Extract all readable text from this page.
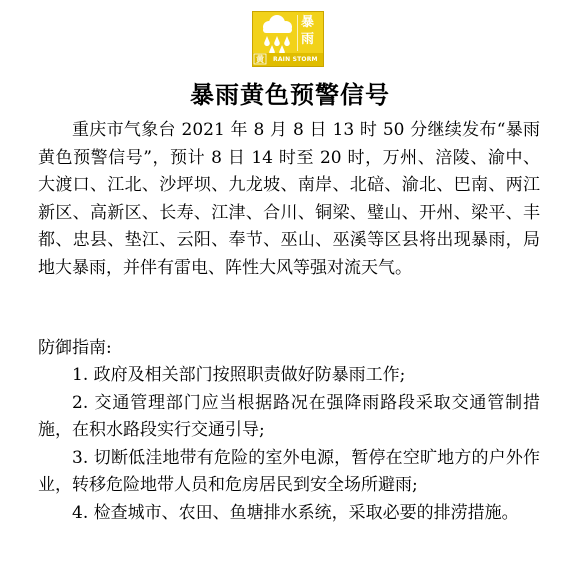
暴
雨
黄 RAIN STORM
暴雨黄色预警信号

重庆市气象台 2021 年 8 月 8 日 13 时 50 分继续发布“暴雨黄色预警信号”，预计 8 日 14 时至 20 时，万州、涪陵、渝中、大渡口、江北、沙坪坝、九龙坡、南岸、北碚、渝北、巴南、两江新区、高新区、长寿、江津、合川、铜梁、璧山、开州、梁平、丰都、忠县、垫江、云阳、奉节、巫山、巫溪等区县将出现暴雨，局地大暴雨，并伴有雷电、阵性大风等强对流天气。

防御指南:

1. 政府及相关部门按照职责做好防暴雨工作;
2. 交通管理部门应当根据路况在强降雨路段采取交通管制措施，在积水路段实行交通引导;
3. 切断低洼地带有危险的室外电源，暂停在空旷地方的户外作业，转移危险地带人员和危房居民到安全场所避雨;
4. 检查城市、农田、鱼塘排水系统，采取必要的排涝措施。
